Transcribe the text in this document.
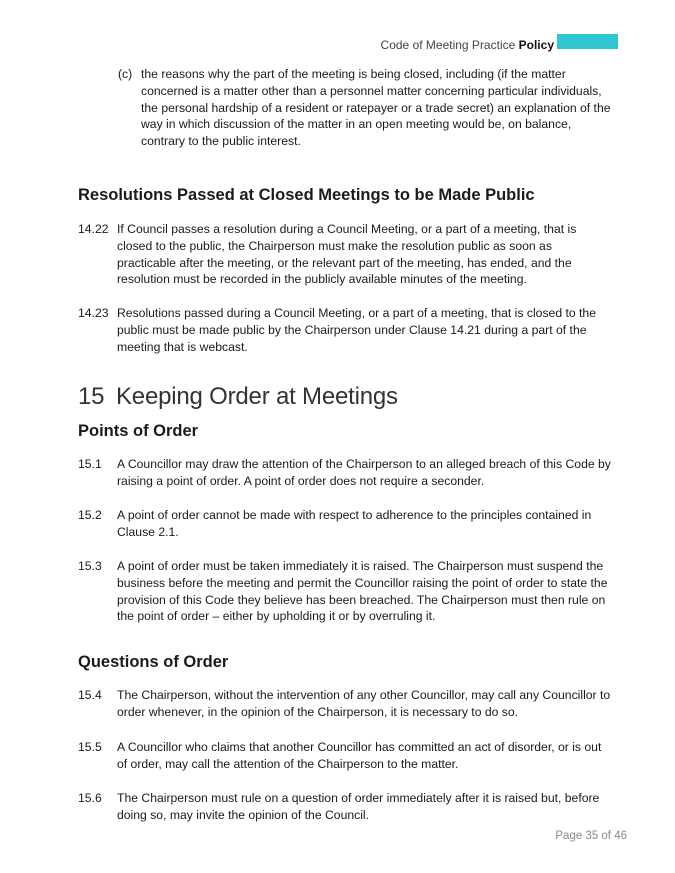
Code of Meeting Practice Policy
(c) the reasons why the part of the meeting is being closed, including (if the matter concerned is a matter other than a personnel matter concerning particular individuals, the personal hardship of a resident or ratepayer or a trade secret) an explanation of the way in which discussion of the matter in an open meeting would be, on balance, contrary to the public interest.
Resolutions Passed at Closed Meetings to be Made Public
14.22 If Council passes a resolution during a Council Meeting, or a part of a meeting, that is closed to the public, the Chairperson must make the resolution public as soon as practicable after the meeting, or the relevant part of the meeting, has ended, and the resolution must be recorded in the publicly available minutes of the meeting.
14.23 Resolutions passed during a Council Meeting, or a part of a meeting, that is closed to the public must be made public by the Chairperson under Clause 14.21 during a part of the meeting that is webcast.
15 Keeping Order at Meetings
Points of Order
15.1 A Councillor may draw the attention of the Chairperson to an alleged breach of this Code by raising a point of order. A point of order does not require a seconder.
15.2 A point of order cannot be made with respect to adherence to the principles contained in Clause 2.1.
15.3 A point of order must be taken immediately it is raised. The Chairperson must suspend the business before the meeting and permit the Councillor raising the point of order to state the provision of this Code they believe has been breached. The Chairperson must then rule on the point of order – either by upholding it or by overruling it.
Questions of Order
15.4 The Chairperson, without the intervention of any other Councillor, may call any Councillor to order whenever, in the opinion of the Chairperson, it is necessary to do so.
15.5 A Councillor who claims that another Councillor has committed an act of disorder, or is out of order, may call the attention of the Chairperson to the matter.
15.6 The Chairperson must rule on a question of order immediately after it is raised but, before doing so, may invite the opinion of the Council.
Page 35 of 46
